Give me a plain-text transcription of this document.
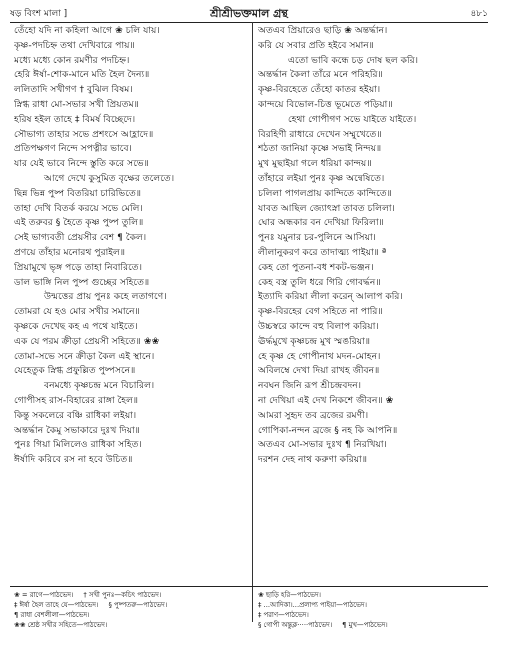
ষড় বিংশ মালা ]	শ্রীশ্রীভক্তমাল গ্রন্থ	৪৮১
তেঁহো যদি না কহিলা আগে ❀ চলি যায়।
কৃষ্ণ-পদচিহ্ন তথা দেখিবারে পায়॥
মধ্যে মধ্যে কোন রমণীর পদচিহ্ন।
হেরি ঈর্ষা-শোক-মানে মতি হৈল দৈন্য॥
ললিতাদি সখীগণ † বুঝিল বিষম।
স্নিগ্ধ রাধা মো-সভার সখী প্রিয়তম॥
হরিষ হইল তাহে ‡ বিমর্ষ বিচ্ছেদে।
সৌভাগ্য তাহার সভে প্রশংসে আহ্লাদে॥
প্রতিপক্ষগণ নিন্দে সপত্নীর ভাবে।
যার যেই ভাবে নিন্দে স্তুতি করে সভে॥
আগে দেখে কুসুমিত বৃক্ষের তলেতে।
ছিন্ন ভিন্ন পুষ্প বিতরিয়া চারিভিতে॥
তাহা দেখি বিতর্ক করয়ে সভে মেলি।
এই তরুবর § হৈতে কৃষ্ণ পুষ্প তুলি॥
সেই ভাগ্যবতী প্রেয়সীর বেশ ¶ কৈল।
প্রণয়ে তাঁহার মনোরথ পুরাইল॥
প্রিয়ামুখে ভৃঙ্গ পড়ে তাহা নিবারিতে।
ডাল ভাঙ্গি নিল পুষ্প গুচ্ছের সহিতে॥
উন্মত্তের প্রায় পুনঃ কহে লতাগণে।
তোমরা যে হও মোর সখীর সমানে॥
কৃষ্ণকে দেখেছ কহ এ পথে যাইতে।
এক যে পরম ক্রীড়া প্রেয়সী সহিতে॥ ❀❀
তোমা-সভে সনে ক্রীড়া কৈল এই স্থানে।
যেহেতুক স্নিগ্ধ প্রফুল্লিত পুষ্পসনে॥
বনমধ্যে কৃষ্ণচন্দ্র মনে বিচারিল।
গোপীসহ রাস-বিহারের রাঙ্গা হৈল॥
কিন্তু সকলেরে বঞ্চি রাধিকা লইয়া।
অন্তর্দ্ধান কৈমু সভাকারে দুঃখ দিয়া॥
পুনঃ গিয়া মিলিলেও রাধিকা সহিত।
ঈর্ষাদি করিবে রস না হবে উচিত॥
অতএব প্রিয়ারেও ছাড়ি ❀ অন্তর্দ্ধান।
করি যে সবার প্রতি হইবে সমান॥
এতো ভাবি কন্ধে চড় দোষ ছল করি।
অন্তর্দ্ধান কৈলা তাঁরে মনে পরিহরি॥
কৃষ্ণ-বিরহেতে তেঁহো কাতর হইয়া।
কান্দয়ে বিভোল-চিত্ত ভূমেতে পড়িয়া॥
হেথা গোপীগণ সভে যাইতে যাইতে।
বিরহিণী রাধারে দেখেন সম্মুখেতে॥
শঠতা জানিয়া কৃষ্ণে সভাই নিন্দয়॥
মুখ মুছাইয়া গলে ধরিয়া কান্দয়॥
তাঁহারে লইয়া পুনঃ কৃষ্ণ অন্বেষিতে।
চলিলা পাগলপ্রায় কান্দিতে কান্দিতে॥
যাবত আছিল জ্যোৎস্না তাবত চলিলা।
ঘোর অন্ধকার বন দেখিয়া ফিরিলা॥
পুনঃ যমুনার চর-পুলিনে আসিয়া।
লীলানুকরণ করে তাদাত্ম্য পাইয়া॥ ª
কেহ তো পুতনা-বধ শকট-ভঞ্জন।
কেহ বস্ত্র তুলি ধরে গিরি গোবর্দ্ধন॥
ইত্যাদি করিয়া লীলা করেন্ আলাপ করি।
কৃষ্ণ-বিরহের বেগ সহিতে না পারি॥
উচ্চস্বরে কান্দে বহু বিলাপ করিয়া।
ঊর্দ্ধমুখে কৃষ্ণচন্দ্র মুখ স্মঙরিয়া॥
হে কৃষ্ণ হে গোপীনাথ মদন-মোহন।
অবিলম্বে দেখা দিয়া রাখহ জীবন॥
নবঘন জিনি রূপ শ্রীচন্দ্রবদন।
না দেখিয়া এই দেখ নিকশে জীবন॥ ❀
আমরা সুহৃদ তব ব্রজের রমণী।
গোপিকা-নন্দন ব্রজে § নহ কি আপনি॥
অতএব মো-সভার দুঃখ ¶ নিরখিয়া।
দরশন দেহ নাথ করুণা করিয়া॥
❀ = রাগে—পাঠভেদ। † সখী পুনঃ—কচিৎ পাঠভেদ।
‡ ঈর্ষা হৈল তাহে যে—পাঠভেদ। § পুষ্পতরু—পাঠভেদ।
¶ রাধা বেশলীলা—পাঠভেদ।
❀❀ শ্রেষ্ঠ সখীর সহিতে—পাঠভেদ।
❀ ছাড়ি হরি—পাঠভেদ।
‡ ...আদিকা।...প্রলাপ্য পাইয়া—পাঠভেদ।
‡ পরাণ—পাঠভেদ।
§ গোপী অন্তুক্ল·····পাঠভেদ। ¶ মুখ—পাঠভেদ।
